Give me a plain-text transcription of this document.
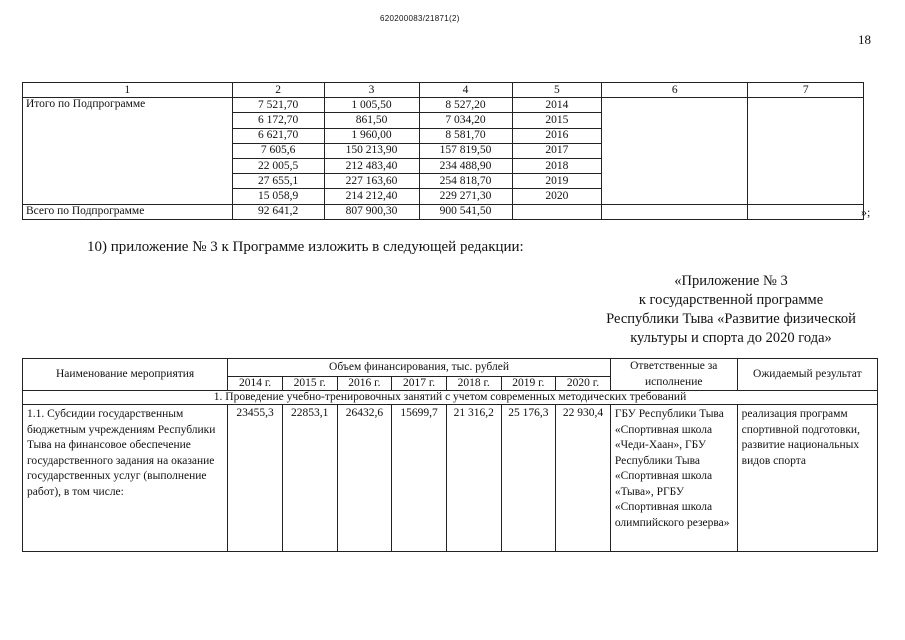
620200083/21871(2)
18
1	2	3	4	5	6	7
Итого по Подпрограмме	7 521,70	1 005,50	8 527,20	2014		
	6 172,70	861,50	7 034,20	2015		
	6 621,70	1 960,00	8 581,70	2016		
	7 605,6	150 213,90	157 819,50	2017		
	22 005,5	212 483,40	234 488,90	2018		
	27 655,1	227 163,60	254 818,70	2019		
	15 058,9	214 212,40	229 271,30	2020		
Всего по Подпрограмме	92 641,2	807 900,30	900 541,50				»;
10) приложение № 3 к Программе изложить в следующей редакции:
«Приложение № 3
к государственной программе
Республики Тыва «Развитие физической
культуры и спорта до 2020 года»
Наименование мероприятия	Объем финансирования, тыс. рублей							Ответственные за исполнение	Ожидаемый результат
	2014 г.	2015 г.	2016 г.	2017 г.	2018 г.	2019 г.	2020 г.		
1. Проведение учебно-тренировочных занятий с учетом современных методических требований									
1.1. Субсидии государственным бюджетным учреждениям Республики Тыва на финансовое обеспечение государственного задания на оказание государственных услуг (выполнение работ), в том числе:	23455,3	22853,1	26432,6	15699,7	21 316,2	25 176,3	22 930,4	ГБУ Республики Тыва «Спортивная школа «Чеди-Хаан», ГБУ Республики Тыва «Спортивная школа «Тыва», РГБУ «Спортивная школа олимпийского резерва»	реализация программ спортивной подготовки, развитие национальных видов спорта
